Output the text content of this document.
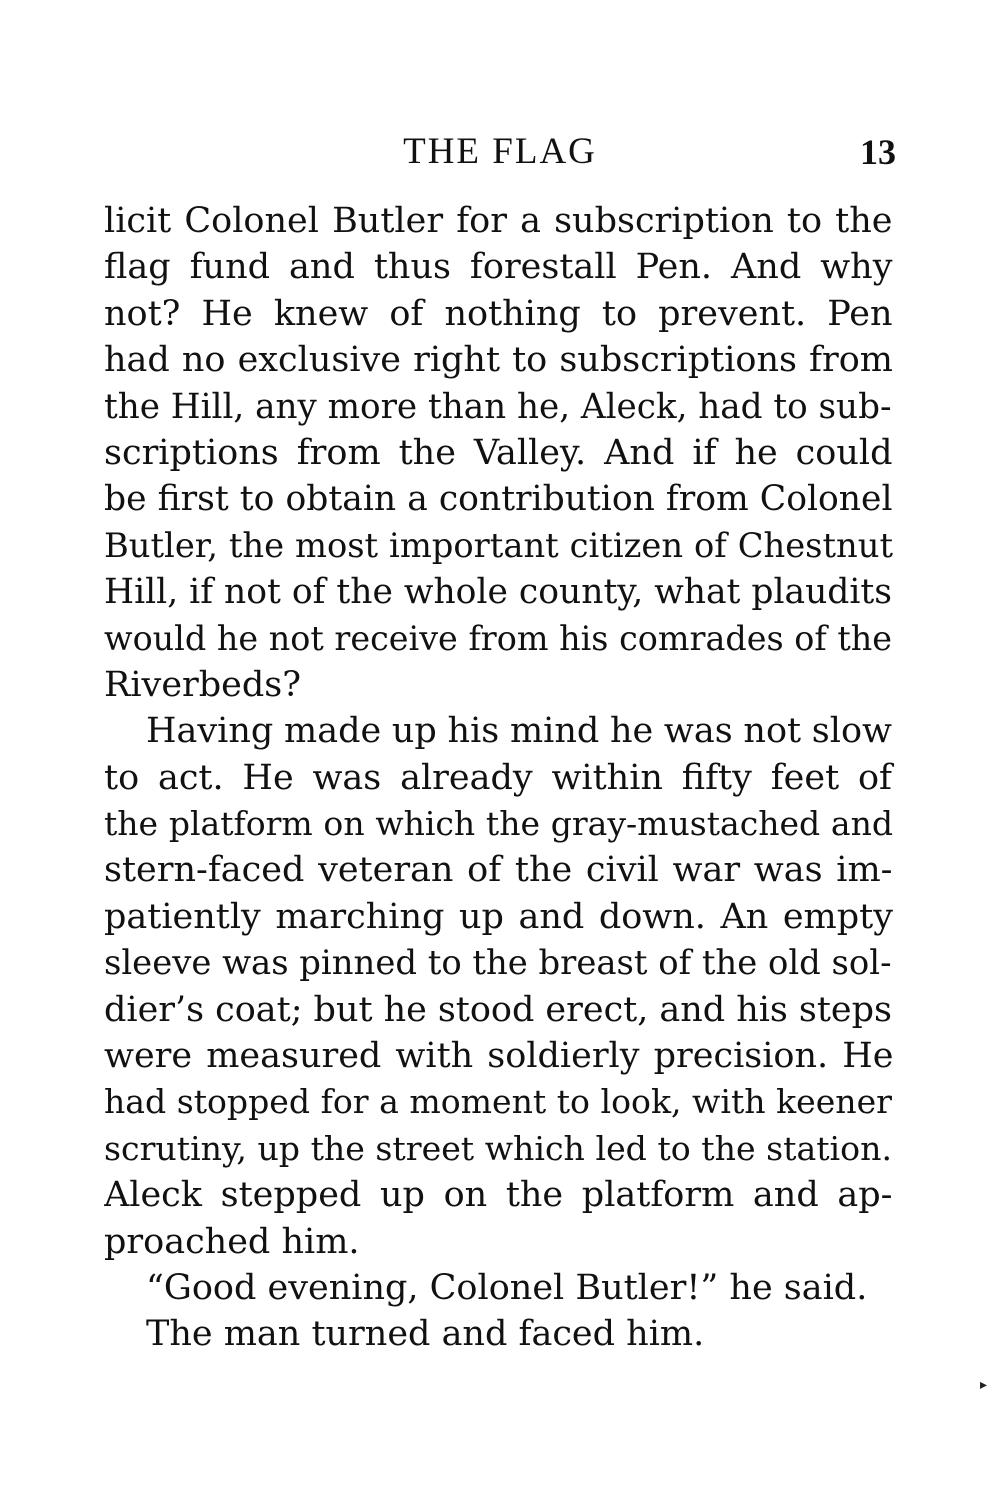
THE FLAG	13
licit Colonel Butler for a subscription to the
flag fund and thus forestall Pen. And why
not? He knew of nothing to prevent. Pen
had no exclusive right to subscriptions from
the Hill, any more than he, Aleck, had to sub-
scriptions from the Valley. And if he could
be first to obtain a contribution from Colonel
Butler, the most important citizen of Chestnut
Hill, if not of the whole county, what plaudits
would he not receive from his comrades of the
Riverbeds?
Having made up his mind he was not slow
to act. He was already within fifty feet of
the platform on which the gray-mustached and
stern-faced veteran of the civil war was im-
patiently marching up and down. An empty
sleeve was pinned to the breast of the old sol-
dier’s coat; but he stood erect, and his steps
were measured with soldierly precision. He
had stopped for a moment to look, with keener
scrutiny, up the street which led to the station.
Aleck stepped up on the platform and ap-
proached him.
“Good evening, Colonel Butler!” he said.
The man turned and faced him.
▸
